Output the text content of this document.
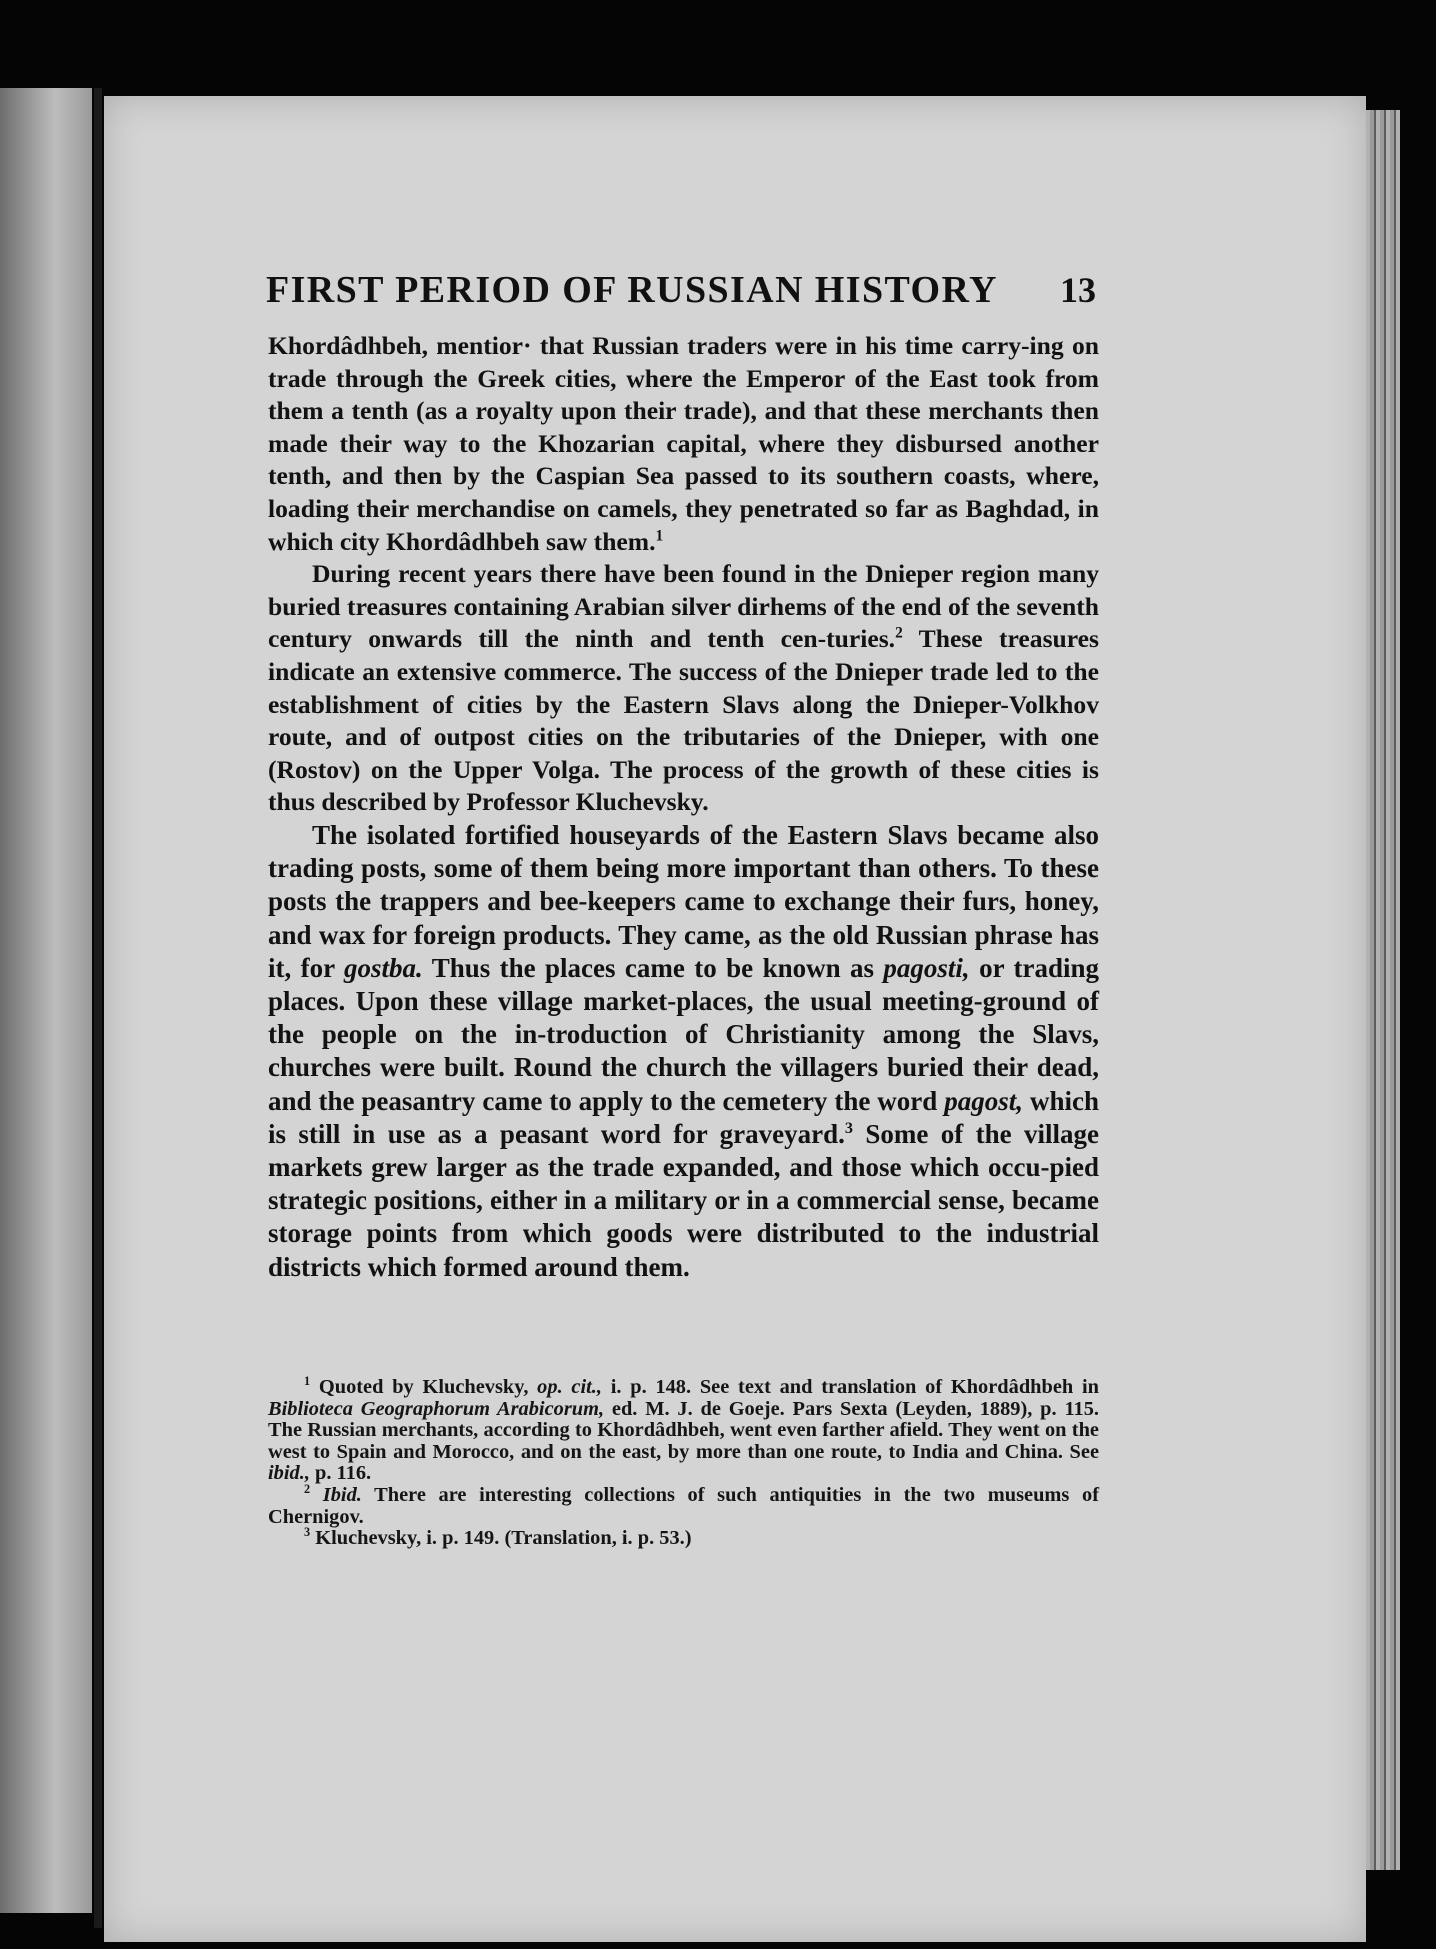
FIRST PERIOD OF RUSSIAN HISTORY 13

Khordâdhbeh, mentior· that Russian traders were in his time carry-ing on trade through the Greek cities, where the Emperor of the East took from them a tenth (as a royalty upon their trade), and that these merchants then made their way to the Khozarian capital, where they disbursed another tenth, and then by the Caspian Sea passed to its southern coasts, where, loading their merchandise on camels, they penetrated so far as Baghdad, in which city Khordâdhbeh saw them.$^1$

During recent years there have been found in the Dnieper region many buried treasures containing Arabian silver dirhems of the end of the seventh century onwards till the ninth and tenth cen-turies.$^2$ These treasures indicate an extensive commerce. The success of the Dnieper trade led to the establishment of cities by the Eastern Slavs along the Dnieper-Volkhov route, and of outpost cities on the tributaries of the Dnieper, with one (Rostov) on the Upper Volga. The process of the growth of these cities is thus described by Professor Kluchevsky.

The isolated fortified houseyards of the Eastern Slavs became also trading posts, some of them being more important than others. To these posts the trappers and bee-keepers came to exchange their furs, honey, and wax for foreign products. They came, as the old Russian phrase has it, for gostba. Thus the places came to be known as pagosti, or trading places. Upon these village market-places, the usual meeting-ground of the people on the in-troduction of Christianity among the Slavs, churches were built. Round the church the villagers buried their dead, and the peasantry came to apply to the cemetery the word pagost, which is still in use as a peasant word for graveyard.$^3$ Some of the village markets grew larger as the trade expanded, and those which occu-pied strategic positions, either in a military or in a commercial sense, became storage points from which goods were distributed to the industrial districts which formed around them.

$^1$ Quoted by Kluchevsky, op. cit., i. p. 148. See text and translation of Khordâdhbeh in Biblioteca Geographorum Arabicorum, ed. M. J. de Goeje. Pars Sexta (Leyden, 1889), p. 115. The Russian merchants, according to Khordâdhbeh, went even farther afield. They went on the west to Spain and Morocco, and on the east, by more than one route, to India and China. See ibid., p. 116.

$^2$ Ibid. There are interesting collections of such antiquities in the two museums of Chernigov.

$^3$ Kluchevsky, i. p. 149. (Translation, i. p. 53.)
